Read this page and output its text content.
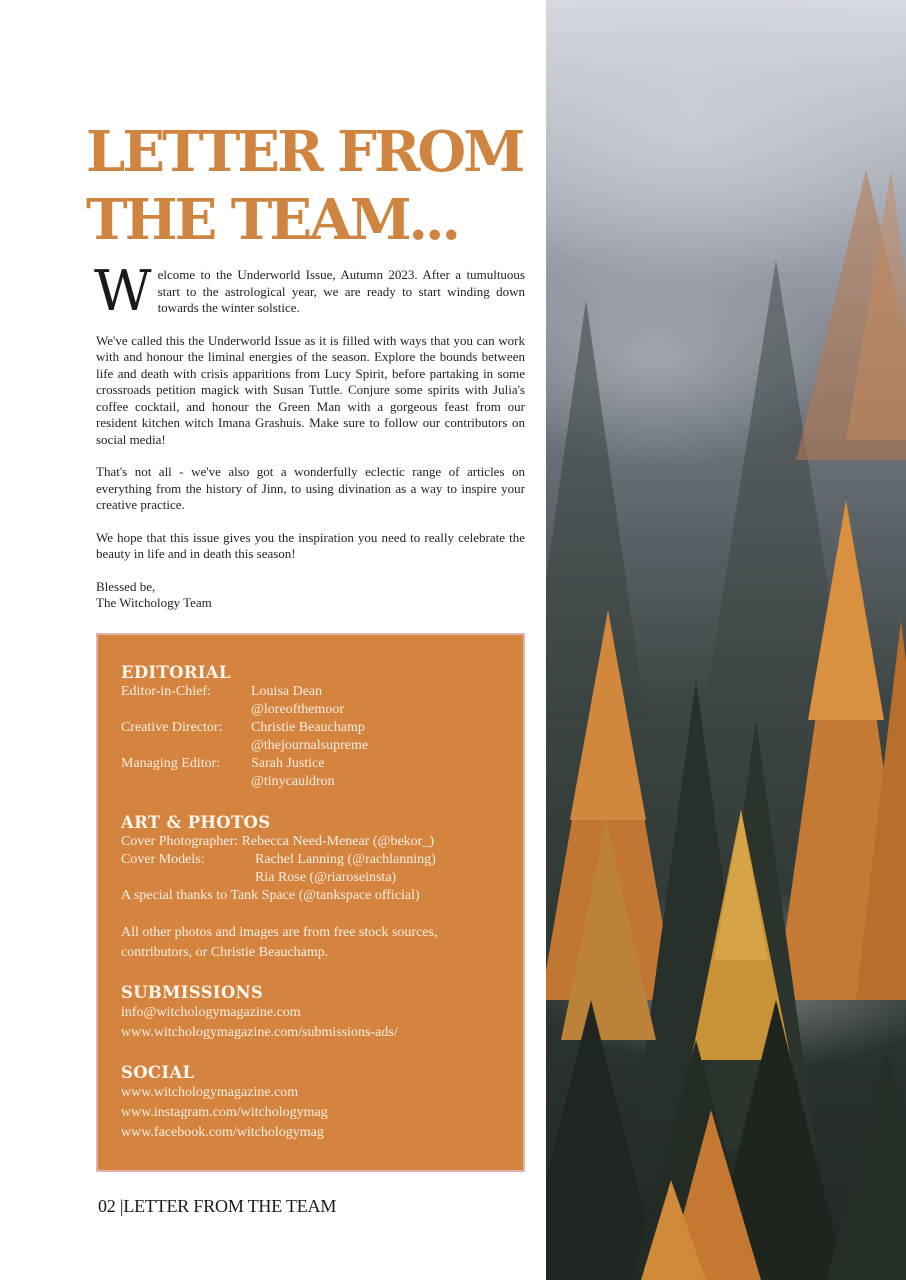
LETTER FROM
THE TEAM...

Welcome to the Underworld Issue, Autumn 2023. After a tumultuous start to the astrological year, we are ready to start winding down towards the winter solstice.

We've called this the Underworld Issue as it is filled with ways that you can work with and honour the liminal energies of the season. Explore the bounds between life and death with crisis apparitions from Lucy Spirit, before partaking in some crossroads petition magick with Susan Tuttle. Conjure some spirits with Julia's coffee cocktail, and honour the Green Man with a gorgeous feast from our resident kitchen witch Imana Grashuis. Make sure to follow our contributors on social media!

That's not all - we've also got a wonderfully eclectic range of articles on everything from the history of Jinn, to using divination as a way to inspire your creative practice.

We hope that this issue gives you the inspiration you need to really celebrate the beauty in life and in death this season!

Blessed be,
The Witchology Team

EDITORIAL
Editor-in-Chief:	Louisa Dean
@loreofthemoor
Creative Director:	Christie Beauchamp
@thejournalsupreme
Managing Editor:	Sarah Justice
@tinycauldron
ART & PHOTOS
Cover Photographer: Rebecca Need-Menear (@bekor_)
Cover Models:	Rachel Lanning (@rachlanning)
Ria Rose (@riaroseinsta)
A special thanks to Tank Space (@tankspace official)
All other photos and images are from free stock sources, contributors, or Christie Beauchamp.
SUBMISSIONS
info@witchologymagazine.com
www.witchologymagazine.com/submissions-ads/
SOCIAL
www.witchologymagazine.com
www.instagram.com/witchologymag
www.facebook.com/witchologymag
02 |LETTER FROM THE TEAM
